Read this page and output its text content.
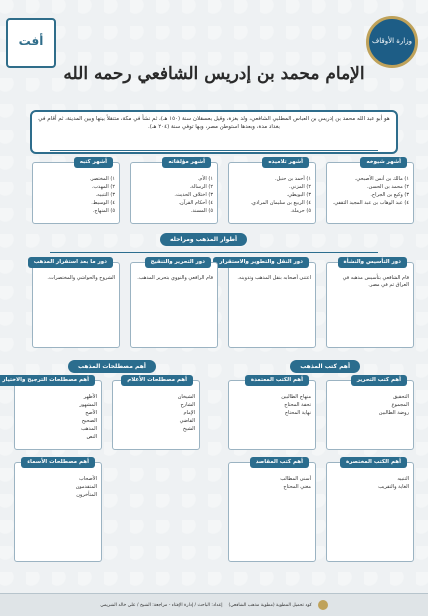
أفت	وزارة الأوقاف
الإمام محمد بن إدريس الشافعي رحمه الله
هو أبو عبد الله محمد بن إدريس بن العباس المطلبي الشافعي، ولد بغزة، وقيل بعسقلان سنة (١٥٠ هـ)، ثم نشأ في مكة، متنقلاً بينها وبين المدينة، ثم أقام في بغداد مدة، وبعدها استوطن مصر، وبها توفي سنة (٢٠٤ هـ).
أشهر شيوخه
١) مالك بن أنس الأصبحي.
٢) محمد بن الحسن.
٣) وكيع بن الجراح.
٤) عبد الوهاب بن عبد المجيد الثقفي.
أشهر تلاميذه
١) أحمد بن حنبل.
٢) المزني.
٣) البويطي.
٤) الربيع بن سليمان المرادي.
٥) حرملة.
أشهر مؤلفاته
١) الأم.
٢) الرسالة.
٣) اختلاف الحديث.
٤) أحكام القرآن.
٥) المسند.
أشهر كتبه
١) المختصر.
٢) المهذب.
٣) التنبيه.
٤) الوسيط.
٥) المنهاج.
أطوار المذهب ومراحله
دور التأسيس والنشأة
قام الشافعي بتأسيس مذهبه في العراق ثم في مصر.
دور النقل والتطوير والاستقرار
اعتنى أصحابه بنقل المذهب وتدوينه.
دور التحرير والتنقيح
قام الرافعي والنووي بتحرير المذهب.
دور ما بعد استقرار المذهب
الشروح والحواشي والمختصرات.
أهم مصطلحات المذهب	أهم كتب المذهب
أهم مصطلحات الترجيح والاختيار
الأظهر
المشهور
الأصح
الصحيح
المذهب
النص
أهم مصطلحات الأعلام
الشيخان
الشارح
الإمام
القاضي
الشيخ
أهم مصطلحات الأسماء
الأصحاب
المتقدمون
المتأخرون
أهم كتب التحرير
التحقيق
المجموع
روضة الطالبين
أهم الكتب المعتمدة
منهاج الطالبين
تحفة المحتاج
نهاية المحتاج
أهم الكتب المختصرة
التنبيه
الغاية والتقريب
أهم كتب المقاصد
أسنى المطالب
مغني المحتاج
كود تحميل المطوية (مطوية مذهب الشافعي)
إعداد: الباحث / إدارة الإفتاء - مراجعة: الشيخ / علي خالد الشريمي
